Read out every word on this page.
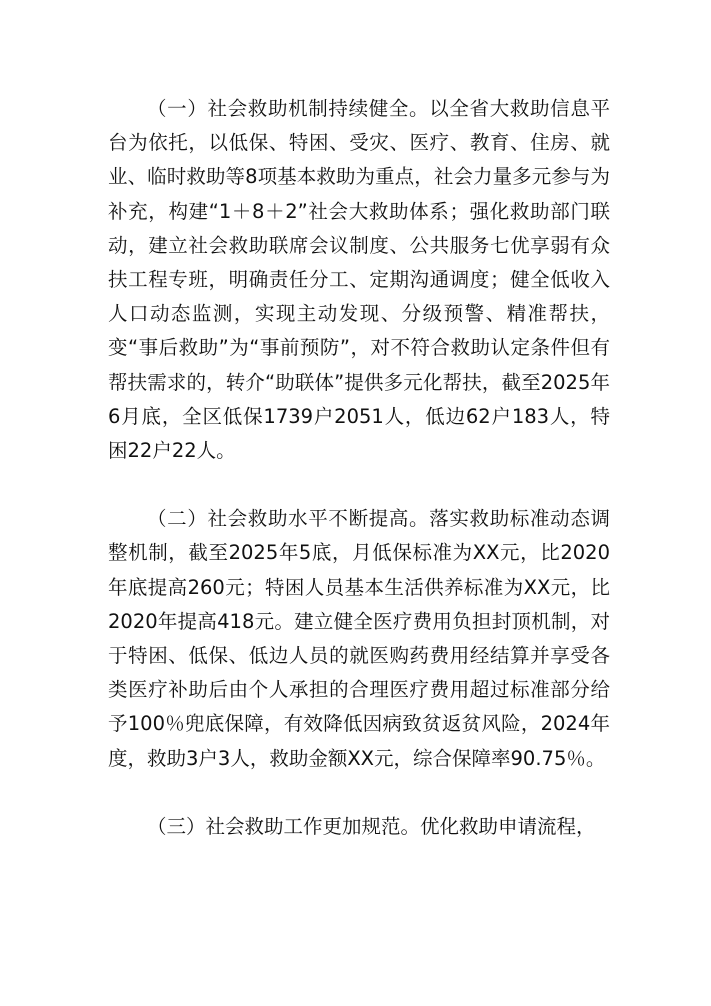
（一）社会救助机制持续健全。以全省大救助信息平台为依托，以低保、特困、受灾、医疗、教育、住房、就业、临时救助等8项基本救助为重点，社会力量多元参与为补充，构建“1＋8＋2”社会大救助体系；强化救助部门联动，建立社会救助联席会议制度、公共服务七优享弱有众扶工程专班，明确责任分工、定期沟通调度；健全低收入人口动态监测，实现主动发现、分级预警、精准帮扶，变“事后救助”为“事前预防”，对不符合救助认定条件但有帮扶需求的，转介“助联体”提供多元化帮扶，截至2025年6月底，全区低保1739户2051人，低边62户183人，特困22户22人。

（二）社会救助水平不断提高。落实救助标准动态调整机制，截至2025年5底，月低保标准为XX元，比2020年底提高260元；特困人员基本生活供养标准为XX元，比2020年提高418元。建立健全医疗费用负担封顶机制，对于特困、低保、低边人员的就医购药费用经结算并享受各类医疗补助后由个人承担的合理医疗费用超过标准部分给予100％兜底保障，有效降低因病致贫返贫风险，2024年度，救助3户3人，救助金额XX元，综合保障率90.75％。

（三）社会救助工作更加规范。优化救助申请流程，
